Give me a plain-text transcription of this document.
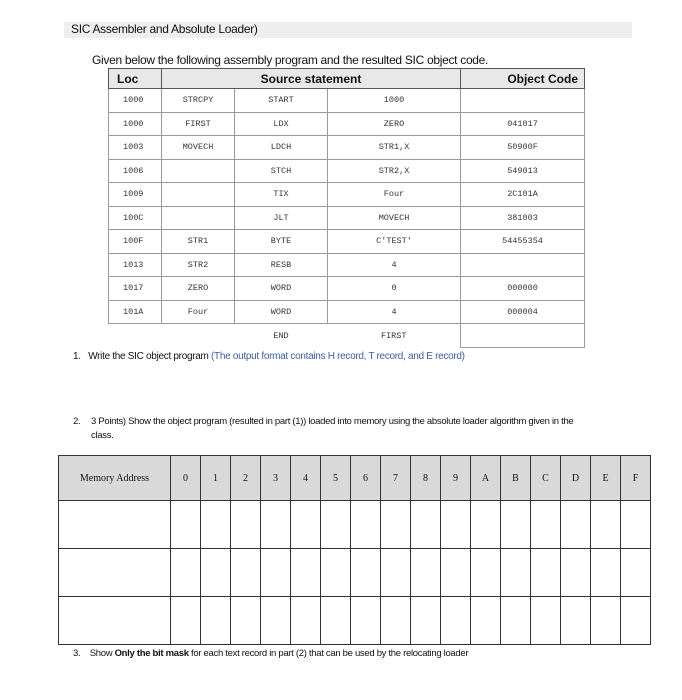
SIC Assembler and Absolute Loader)
Given below the following assembly program and the resulted SIC object code.
Loc	Source statement			Object Code
1000	STRCPY	START	1000	
1000	FIRST	LDX	ZERO	041017
1003	MOVECH	LDCH	STR1,X	50900F
1006		STCH	STR2,X	549013
1009		TIX	Four	2C101A
100C		JLT	MOVECH	381003
100F	STR1	BYTE	C'TEST'	54455354
1013	STR2	RESB	4	
1017	ZERO	WORD	0	000000
101A	Four	WORD	4	000004
		END	FIRST	
1. Write the SIC object program (The output format contains H record, T record, and E record)
2. 3 Points) Show the object program (resulted in part (1)) loaded into memory using the absolute loader algorithm given in the
class.
Memory Address	0	1	2	3	4	5	6	7	8	9	A	B	C	D	E	F

3. Show Only the bit mask for each text record in part (2) that can be used by the relocating loader
